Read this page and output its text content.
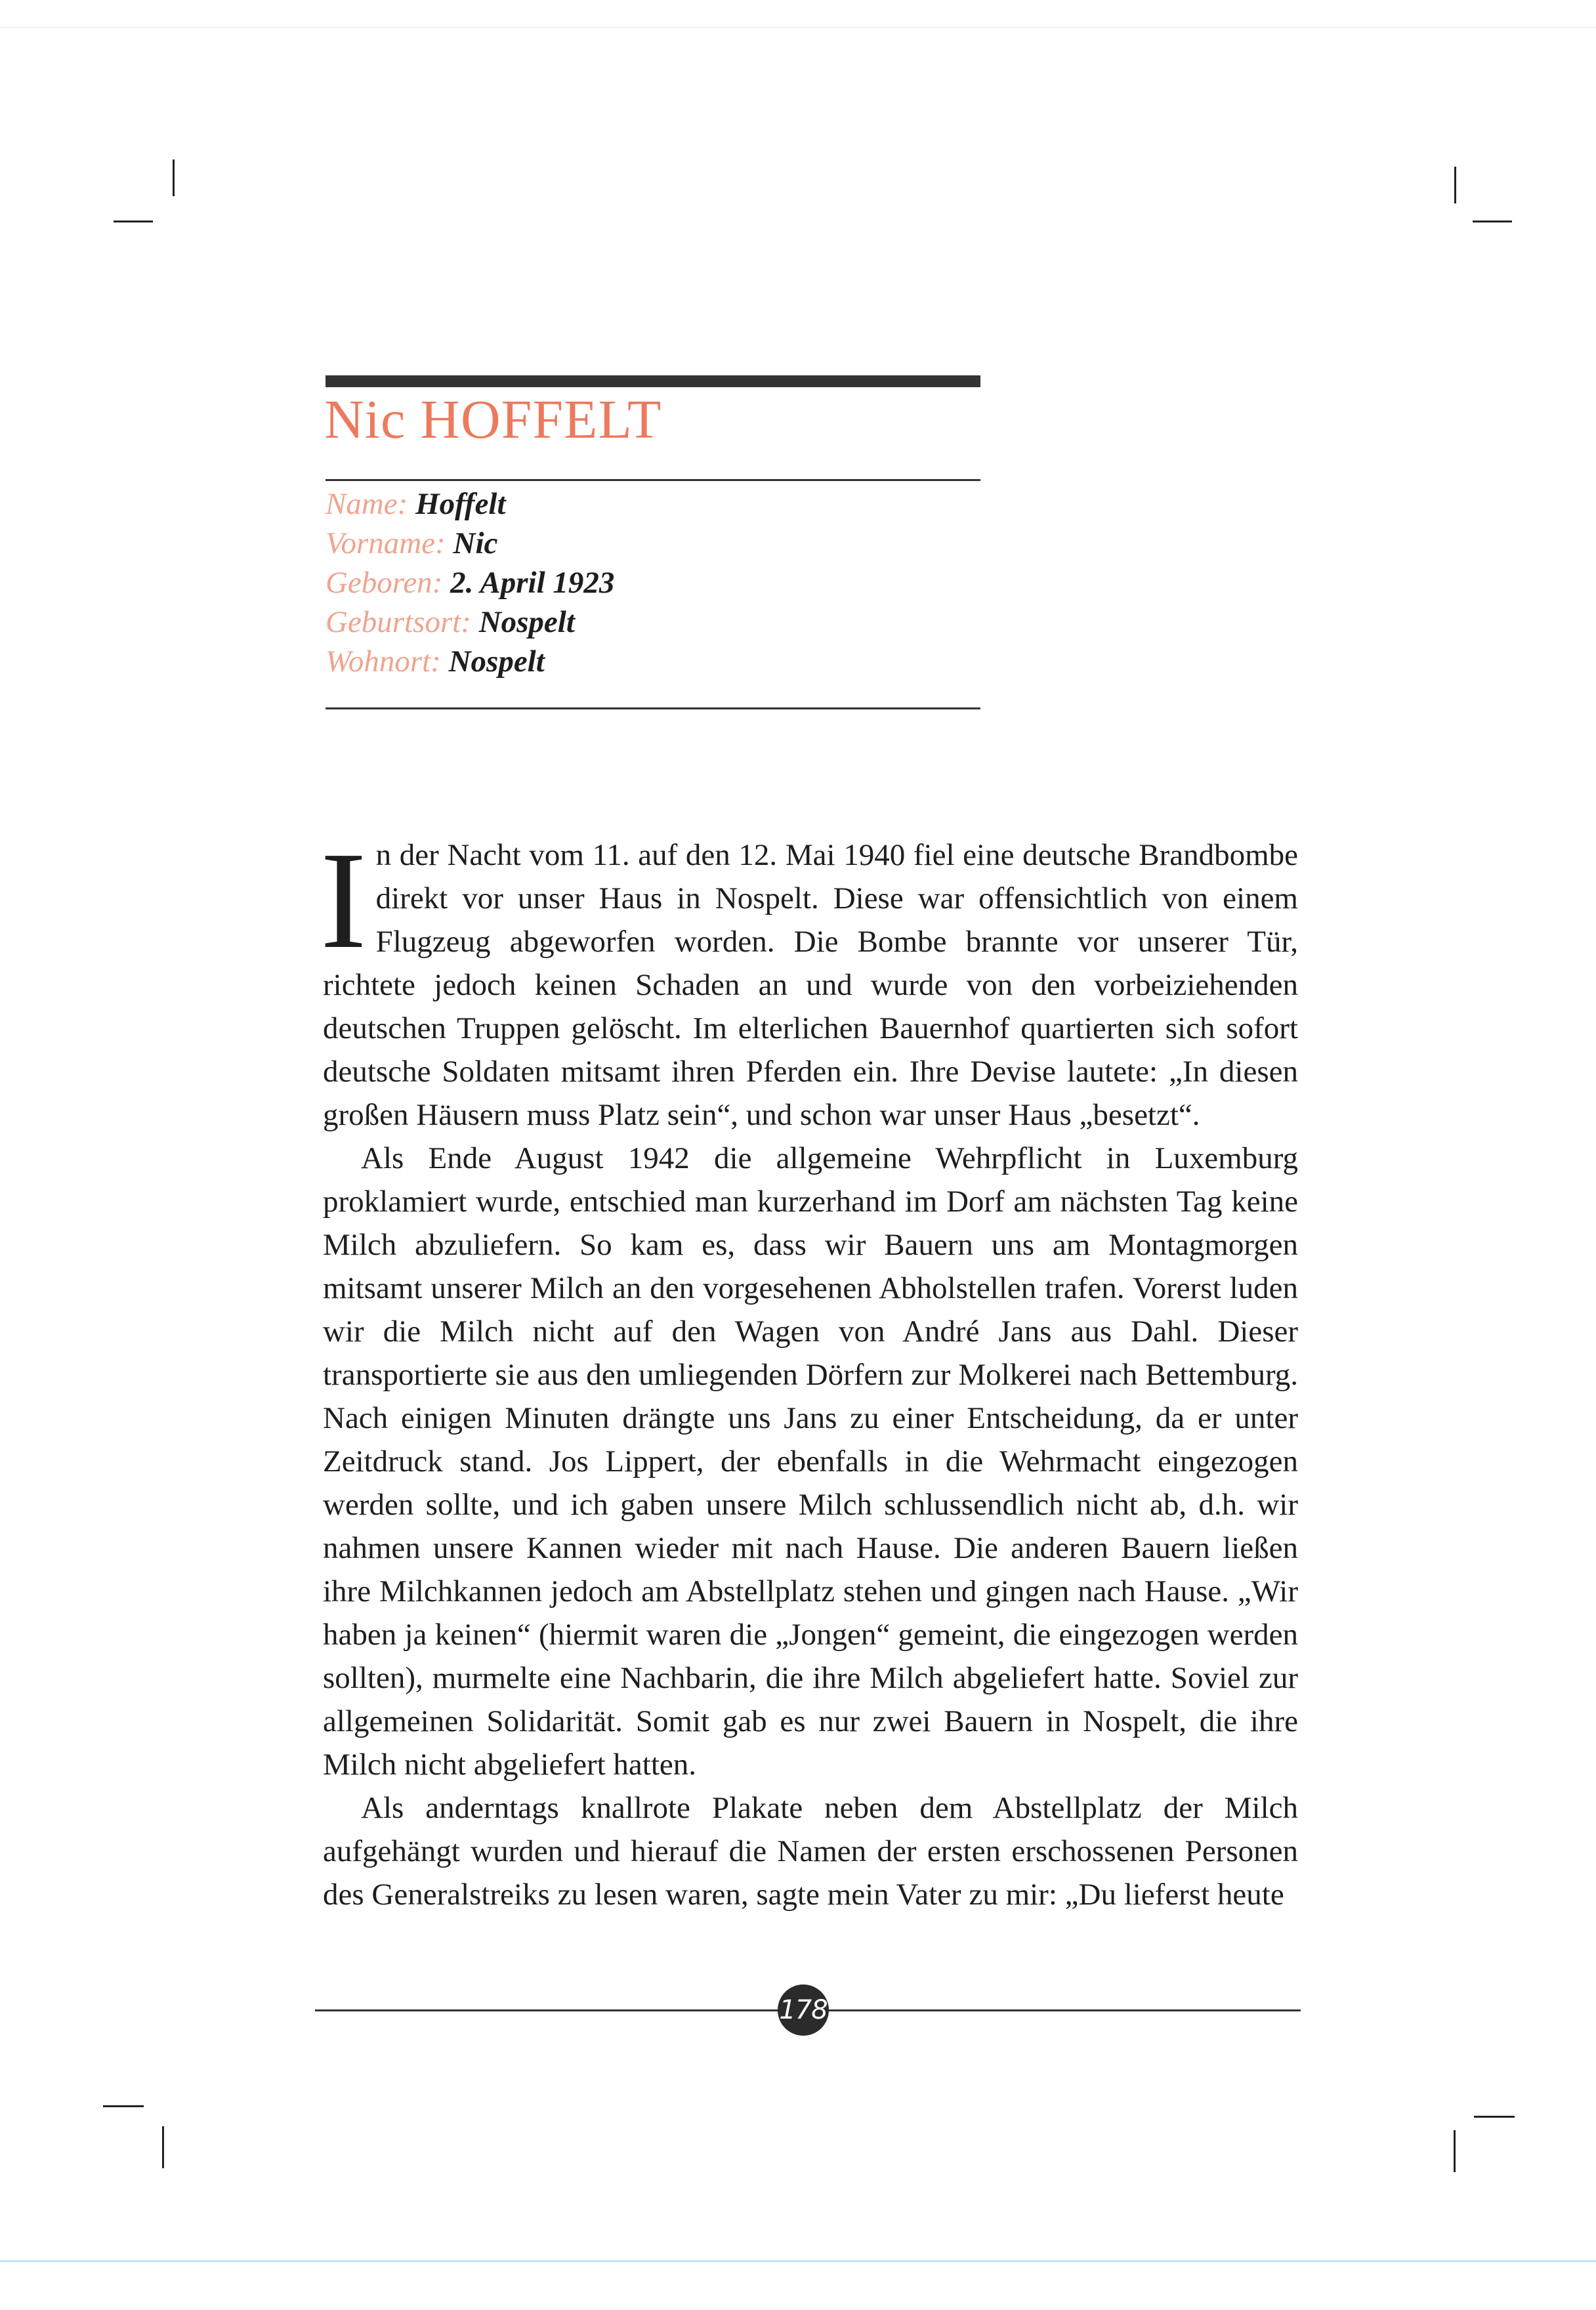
Nic HOFFELT
Name: Hoffelt
Vorname: Nic
Geboren: 2. April 1923
Geburtsort: Nospelt
Wohnort: Nospelt

In der Nacht vom 11. auf den 12. Mai 1940 fiel eine deutsche Brandbombe direkt vor unser Haus in Nospelt. Diese war offensichtlich von einem Flugzeug abgeworfen worden. Die Bombe brannte vor unserer Tür, richtete jedoch keinen Schaden an und wurde von den vorbeiziehenden deutschen Truppen gelöscht. Im elterlichen Bauernhof quartierten sich sofort deutsche Soldaten mitsamt ihren Pferden ein. Ihre Devise lautete: „In diesen großen Häusern muss Platz sein“, und schon war unser Haus „besetzt“.

Als Ende August 1942 die allgemeine Wehrpflicht in Luxemburg proklamiert wurde, entschied man kurzerhand im Dorf am nächsten Tag keine Milch abzuliefern. So kam es, dass wir Bauern uns am Montagmorgen mitsamt unserer Milch an den vorgesehenen Abholstellen trafen. Vorerst luden wir die Milch nicht auf den Wagen von André Jans aus Dahl. Dieser transportierte sie aus den umliegenden Dörfern zur Molkerei nach Bettemburg. Nach einigen Minuten drängte uns Jans zu einer Entscheidung, da er unter Zeitdruck stand. Jos Lippert, der ebenfalls in die Wehrmacht eingezogen werden sollte, und ich gaben unsere Milch schlussendlich nicht ab, d.h. wir nahmen unsere Kannen wieder mit nach Hause. Die anderen Bauern ließen ihre Milchkannen jedoch am Abstellplatz stehen und gingen nach Hause. „Wir haben ja keinen“ (hiermit waren die „Jongen“ gemeint, die eingezogen werden sollten), murmelte eine Nachbarin, die ihre Milch abgeliefert hatte. Soviel zur allgemeinen Solidarität. Somit gab es nur zwei Bauern in Nospelt, die ihre Milch nicht abgeliefert hatten.

Als anderntags knallrote Plakate neben dem Abstellplatz der Milch aufgehängt wurden und hierauf die Namen der ersten erschossenen Personen des Generalstreiks zu lesen waren, sagte mein Vater zu mir: „Du lieferst heute

178
